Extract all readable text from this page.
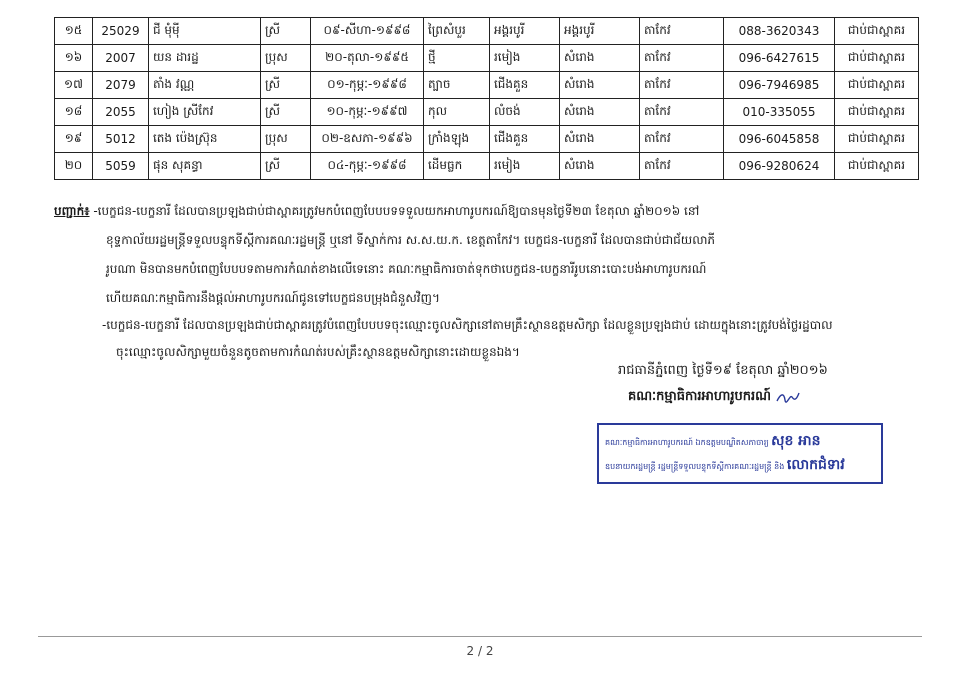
១៥	25029	ជី មុំម៉ី	ស្រី	០៩-សីហា-១៩៩៨	ព្រៃសំបួរ	អង្គរបូរី	អង្គរបូរី	តាកែវ	088-3620343	ជាប់ជាស្ពាគរ
១៦	2007	យន ដារដ្ឋ	ប្រុស	២០-តុលា-១៩៩៥	ថ្មី	រមៀង	សំរោង	តាកែវ	096-6427615	ជាប់ជាស្ពាគរ
១៧	2079	តាំង វណ្ណ	ស្រី	០១-កុម្ភៈ-១៩៩៨	ត្បាច	ជើងគួន	សំរោង	តាកែវ	096-7946985	ជាប់ជាស្ពាគរ
១៨	2055	ហៀង ស្រីកែវ	ស្រី	១០-កុម្ភៈ-១៩៩៧	កុល	លំចង់	សំរោង	តាកែវ	010-335055	ជាប់ជាស្ពាគរ
១៩	5012	តេង ប៉េងស្រ៊ុន	ប្រុស	០២-ឧសភា-១៩៩៦	ក្រាំងឡុង	ជើងគួន	សំរោង	តាកែវ	096-6045858	ជាប់ជាស្ពាគរ
២០	5059	ផុន សុគន្ធា	ស្រី	០៤-កុម្ភៈ-១៩៩៨	ដើមធ្លក	រមៀង	សំរោង	តាកែវ	096-9280624	ជាប់ជាស្ពាគរ
បញ្ជាក់៖ -បេក្ខជន-បេក្ខនារី ដែលបានប្រឡងជាប់ជាស្ពាគរត្រូវមកបំពេញបែបបទទទួលយកអាហារូបករណ៍ឱ្យបានមុនថ្ងៃទី២៣ ខែតុលា ឆ្នាំ២០១៦ នៅ
ខុទ្ទកាល័យរដ្ឋមន្ត្រីទទួលបន្ទុកទីស្តីការគណៈរដ្ឋមន្ត្រី ឬនៅ ទីស្នាក់ការ ស.ស.យ.ក. ខេត្តតាកែវ។ បេក្ខជន-បេក្ខនារី ដែលបានជាប់ជាជ័យលាភី
រូបណា មិនបានមកបំពេញបែបបទតាមការកំណត់ខាងលើទេនោះ គណៈកម្មាធិការចាត់ទុកថាបេក្ខជន-បេក្ខនារីរូបនោះបោះបង់អាហារូបករណ៍
ហើយគណៈកម្មាធិការនឹងផ្តល់អាហារូបករណ៍ជូនទៅបេក្ខជនបម្រុងជំនួសវិញ។
-បេក្ខជន-បេក្ខនារី ដែលបានប្រឡងជាប់ជាស្ពាគរត្រូវបំពេញបែបបទចុះឈ្មោះចូលសិក្សានៅតាមគ្រឹះស្ថានឧត្តមសិក្សា ដែលខ្លួនប្រឡងជាប់ ដោយក្នុងនោះត្រូវបង់ថ្លៃរដ្ឋបាល
ចុះឈ្មោះចូលសិក្សាមួយចំនួនតូចតាមការកំណត់របស់គ្រឹះស្ថានឧត្តមសិក្សានោះដោយខ្លួនឯង។
រាជធានីភ្នំពេញ ថ្ងៃទី១៩ ខែតុលា ឆ្នាំ២០១៦
គណៈកម្មាធិការអាហារូបករណ៍
គណៈកម្មាធិការអាហារូបករណ៍ ឯកឧត្តមបណ្ឌិតសភាចារ្យ សុខ អាន
ឧបនាយករដ្ឋមន្ត្រី រដ្ឋមន្ត្រីទទួលបន្ទុកទីស្តីការគណៈរដ្ឋមន្ត្រី និង លោកជំទាវ
2 / 2
